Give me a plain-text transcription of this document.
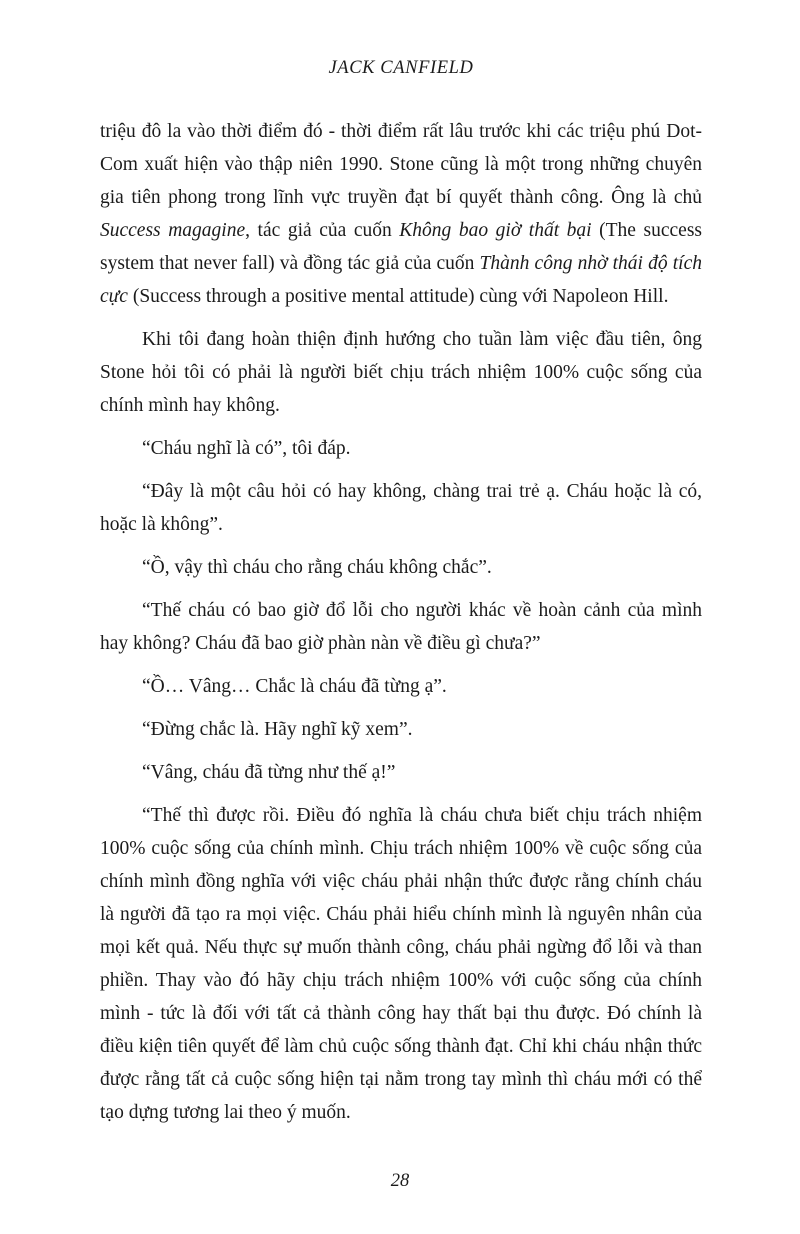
JACK CANFIELD

triệu đô la vào thời điểm đó - thời điểm rất lâu trước khi các triệu phú Dot-Com xuất hiện vào thập niên 1990. Stone cũng là một trong những chuyên gia tiên phong trong lĩnh vực truyền đạt bí quyết thành công. Ông là chủ Success magagine, tác giả của cuốn Không bao giờ thất bại (The success system that never fall) và đồng tác giả của cuốn Thành công nhờ thái độ tích cực (Success through a positive mental attitude) cùng với Napoleon Hill.

Khi tôi đang hoàn thiện định hướng cho tuần làm việc đầu tiên, ông Stone hỏi tôi có phải là người biết chịu trách nhiệm 100% cuộc sống của chính mình hay không.

“Cháu nghĩ là có”, tôi đáp.

“Đây là một câu hỏi có hay không, chàng trai trẻ ạ. Cháu hoặc là có, hoặc là không”.

“Ồ, vậy thì cháu cho rằng cháu không chắc”.

“Thế cháu có bao giờ đổ lỗi cho người khác về hoàn cảnh của mình hay không? Cháu đã bao giờ phàn nàn về điều gì chưa?”

“Ồ… Vâng… Chắc là cháu đã từng ạ”.

“Đừng chắc là. Hãy nghĩ kỹ xem”.

“Vâng, cháu đã từng như thế ạ!”

“Thế thì được rồi. Điều đó nghĩa là cháu chưa biết chịu trách nhiệm 100% cuộc sống của chính mình. Chịu trách nhiệm 100% về cuộc sống của chính mình đồng nghĩa với việc cháu phải nhận thức được rằng chính cháu là người đã tạo ra mọi việc. Cháu phải hiểu chính mình là nguyên nhân của mọi kết quả. Nếu thực sự muốn thành công, cháu phải ngừng đổ lỗi và than phiền. Thay vào đó hãy chịu trách nhiệm 100% với cuộc sống của chính mình - tức là đối với tất cả thành công hay thất bại thu được. Đó chính là điều kiện tiên quyết để làm chủ cuộc sống thành đạt. Chỉ khi cháu nhận thức được rằng tất cả cuộc sống hiện tại nằm trong tay mình thì cháu mới có thể tạo dựng tương lai theo ý muốn.

28
